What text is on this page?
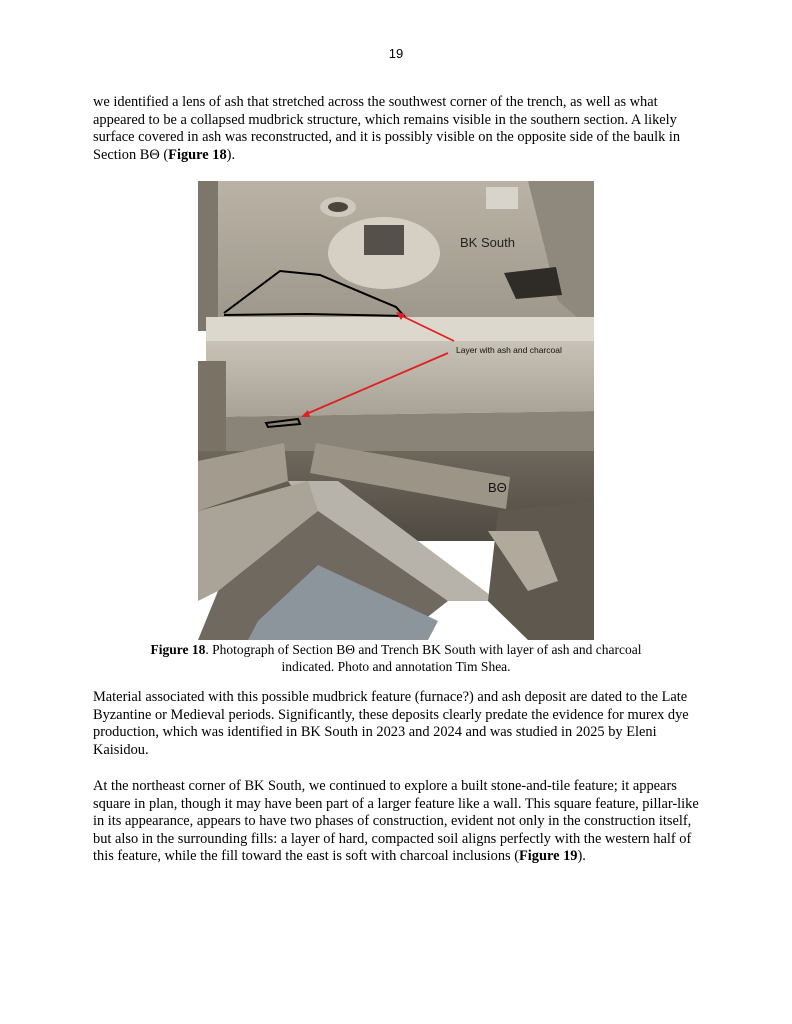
19

we identified a lens of ash that stretched across the southwest corner of the trench, as well as what appeared to be a collapsed mudbrick structure, which remains visible in the southern section. A likely surface covered in ash was reconstructed, and it is possibly visible on the opposite side of the baulk in Section BΘ (Figure 18).

BK South
Layer with ash and charcoal
BΘ
Figure 18. Photograph of Section BΘ and Trench BK South with layer of ash and charcoal indicated. Photo and annotation Tim Shea.

Material associated with this possible mudbrick feature (furnace?) and ash deposit are dated to the Late Byzantine or Medieval periods. Significantly, these deposits clearly predate the evidence for murex dye production, which was identified in BK South in 2023 and 2024 and was studied in 2025 by Eleni Kaisidou.

At the northeast corner of BK South, we continued to explore a built stone-and-tile feature; it appears square in plan, though it may have been part of a larger feature like a wall. This square feature, pillar-like in its appearance, appears to have two phases of construction, evident not only in the construction itself, but also in the surrounding fills: a layer of hard, compacted soil aligns perfectly with the western half of this feature, while the fill toward the east is soft with charcoal inclusions (Figure 19).
